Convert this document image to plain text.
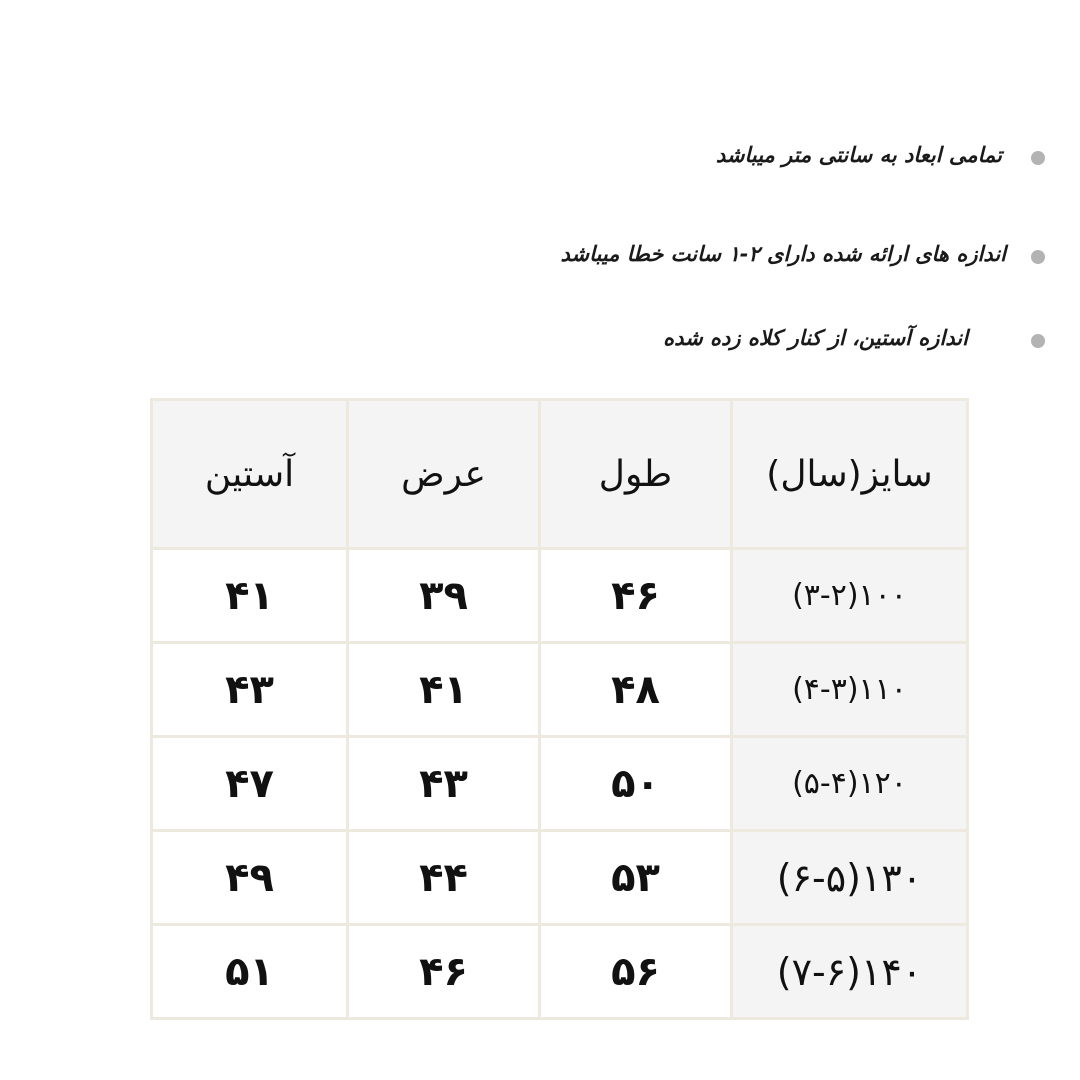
تمامی ابعاد به سانتی متر میباشد
اندازه های ارائه شده دارای ۲-۱ سانت خطا میباشد
اندازه آستین، از کنار کلاه زده شده
سایز(سال)	طول	عرض	آستین
(۳-۲)۱۰۰	۴۶	۳۹	۴۱
(۴-۳)۱۱۰	۴۸	۴۱	۴۳
(۵-۴)۱۲۰	۵۰	۴۳	۴۷
(۶-۵)۱۳۰	۵۳	۴۴	۴۹
(۷-۶)۱۴۰	۵۶	۴۶	۵۱
